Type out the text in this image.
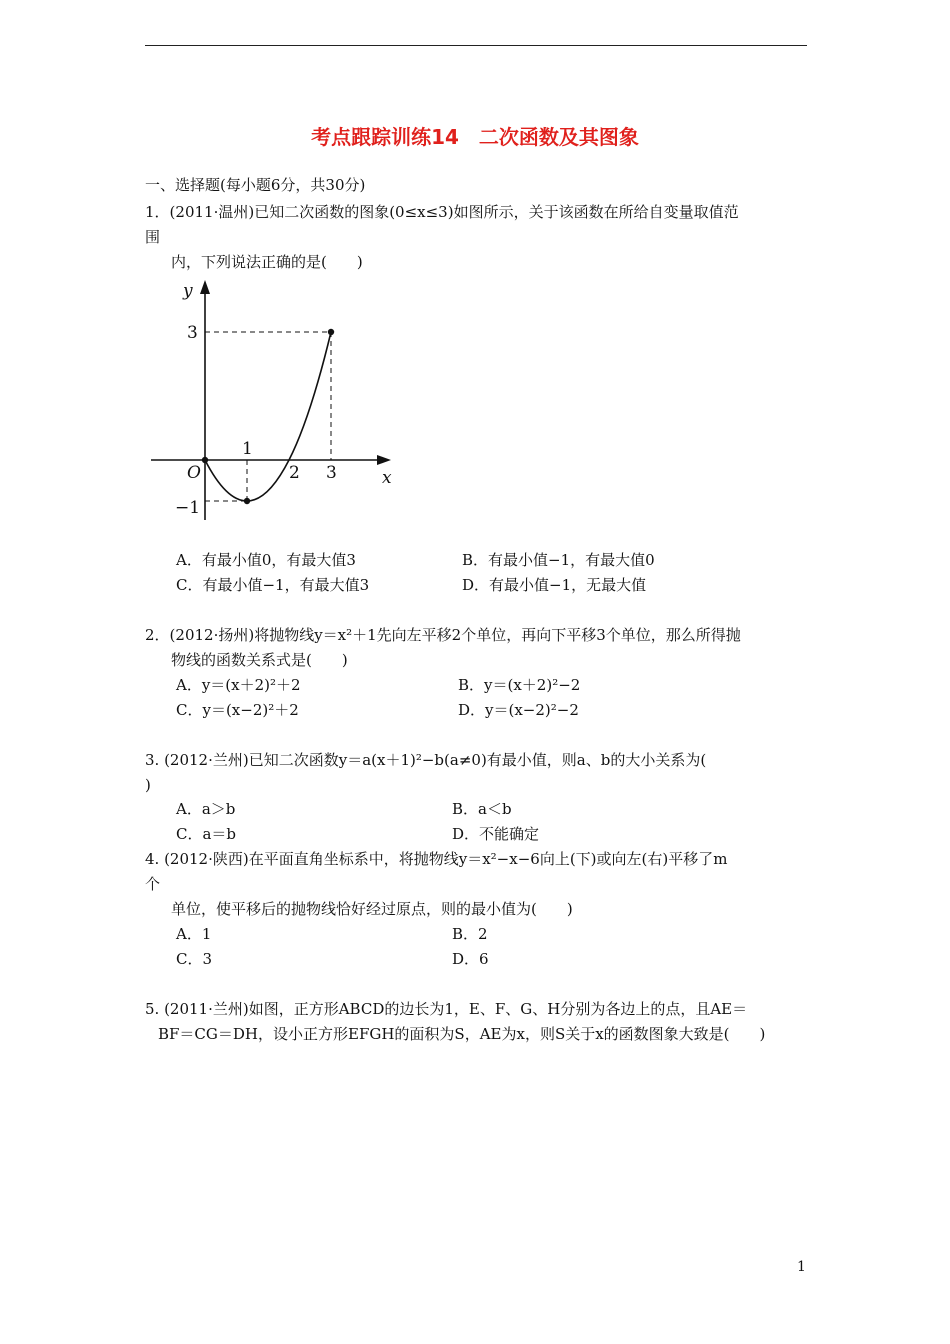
考点跟踪训练14　二次函数及其图象
一、选择题(每小题6分，共30分)
1．(2011·温州)已知二次函数的图象(0≤x≤3)如图所示，关于该函数在所给自变量取值范
围
内，下列说法正确的是(　　)
y
x
O
3
−1
1
2 3
A．有最小值0，有最大值3	B．有最小值−1，有最大值0
C．有最小值−1，有最大值3	D．有最小值−1，无最大值
2．(2012·扬州)将抛物线y＝x²＋1先向左平移2个单位，再向下平移3个单位，那么所得抛
物线的函数关系式是(　　)
A．y＝(x＋2)²＋2	B．y＝(x＋2)²−2
C．y＝(x−2)²＋2	D．y＝(x−2)²−2
3. (2012·兰州)已知二次函数y＝a(x＋1)²−b(a≠0)有最小值，则a、b的大小关系为(
)
A．a＞b	B．a＜b
C．a＝b	D．不能确定
4. (2012·陕西)在平面直角坐标系中，将抛物线y＝x²−x−6向上(下)或向左(右)平移了m
个
单位，使平移后的抛物线恰好经过原点，则的最小值为(　　)
A．1	B．2
C．3	D．6
5. (2011·兰州)如图，正方形ABCD的边长为1，E、F、G、H分别为各边上的点，且AE＝
BF＝CG＝DH，设小正方形EFGH的面积为S，AE为x，则S关于x的函数图象大致是(　　)
1
